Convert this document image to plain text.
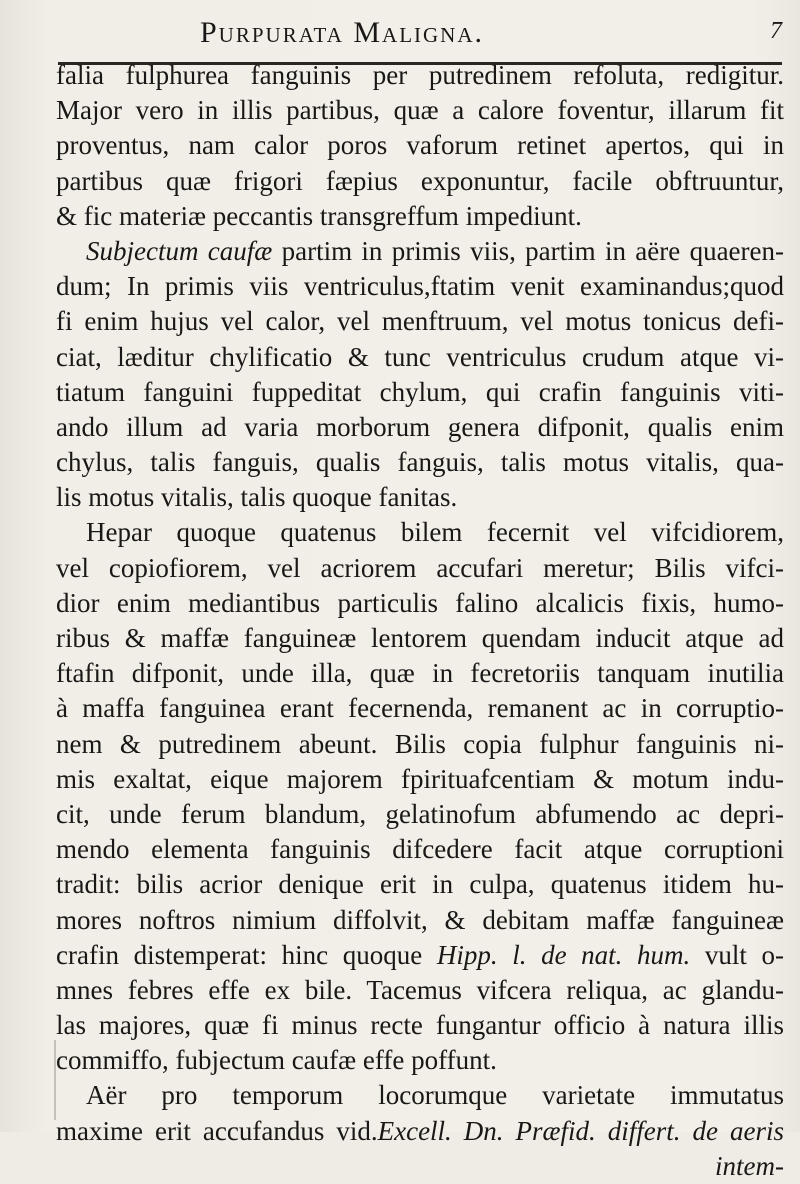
Purpurata Maligna.	7
falia fulphurea fanguinis per putredinem refoluta, redigitur.
Major vero in illis partibus, quæ a calore foventur, illarum fit
proventus, nam calor poros vaforum retinet apertos, qui in
partibus quæ frigori fæpius exponuntur, facile obftruuntur,
& fic materiæ peccantis transgreffum impediunt.
Subjectum caufæ partim in primis viis, partim in aëre quaeren-
dum; In primis viis ventriculus,ftatim venit examinandus;quod
fi enim hujus vel calor, vel menftruum, vel motus tonicus defi-
ciat, læditur chylificatio & tunc ventriculus crudum atque vi-
tiatum fanguini fuppeditat chylum, qui crafin fanguinis viti-
ando illum ad varia morborum genera difponit, qualis enim
chylus, talis fanguis, qualis fanguis, talis motus vitalis, qua-
lis motus vitalis, talis quoque fanitas.
Hepar quoque quatenus bilem fecernit vel vifcidiorem,
vel copiofiorem, vel acriorem accufari meretur; Bilis vifci-
dior enim mediantibus particulis falino alcalicis fixis, humo-
ribus & maffæ fanguineæ lentorem quendam inducit atque ad
ftafin difponit, unde illa, quæ in fecretoriis tanquam inutilia
à maffa fanguinea erant fecernenda, remanent ac in corruptio-
nem & putredinem abeunt. Bilis copia fulphur fanguinis ni-
mis exaltat, eique majorem fpirituafcentiam & motum indu-
cit, unde ferum blandum, gelatinofum abfumendo ac depri-
mendo elementa fanguinis difcedere facit atque corruptioni
tradit: bilis acrior denique erit in culpa, quatenus itidem hu-
mores noftros nimium diffolvit, & debitam maffæ fanguineæ
crafin distemperat: hinc quoque Hipp. l. de nat. hum. vult o-
mnes febres effe ex bile. Tacemus vifcera reliqua, ac glandu-
las majores, quæ fi minus recte fungantur officio à natura illis
commiffo, fubjectum caufæ effe poffunt.
Aër pro temporum locorumque varietate immutatus
maxime erit accufandus vid.Excell. Dn. Præfid. differt. de aeris
intem-
